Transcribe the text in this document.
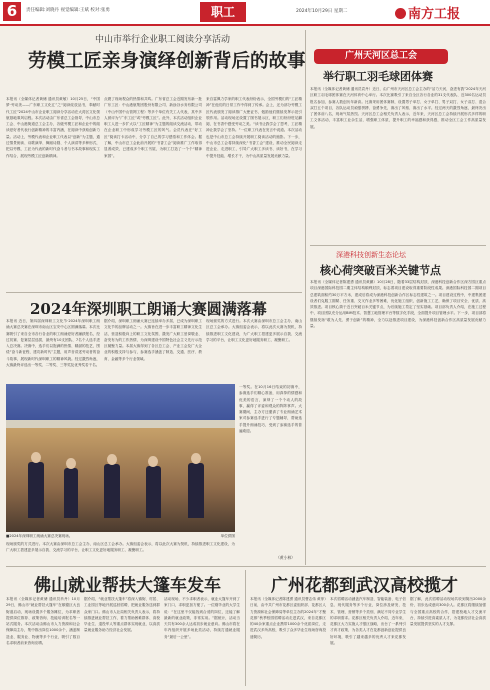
6	责任编辑:刘晓丹 视觉编辑:王斌 校对:张勇	职工	2024年10月29日 星期二	南方工报
中山市举行企业职工阅读分享活动
劳模工匠亲身演绎创新背后的故事
本报讯（全媒体记者黄储 通讯员黄敏）10月25日，“中国梦·劳动美——广东职工文化汇”之“阅读绽放品书，奉献时代工匠”2024中山市企业职工阅读分享活动在大湾区文化领航基地乘风启程。本次活动由广东省总工会指导，中山市总工会、中山港街道总工会主办，各级劳模工匠和企业中的阅读爱好者代表行创新精神的丰富内涵，在阅读中获取创新力量。活动上，劳模代表和企业职工代表以“创新”为主题，通过情景朗读、诗歌演绎、舞蹈诗剧、个人演讲等多种形式，把以劳模、工匠为代表的新时代奋斗者与书本故事和现实工作结合，展现劳模工匠创新精神。
点燃了现场观众的热情和共鸣。广东省总工会近期发布新一批广东工匠：中山港航集团股份有限公司、新涂谷水务有限公司（中山中国中山管网工程）等多个单位有关工人代表，其中多人被评为“广东工匠”或“劳模工匠”。此外，本次活动组织企业职工人进一步扩大以“工匠精神”为主题的阅读交流活动，带动在企业职工中形成学习劳模工匠的风气。会员代表在“好工匠”阅读打卡活动中，分享了自己的学习感悟和工作体会。据了解，中山市总工会此前开展的“书香工会”阅读推广工作取得显著成效，已建成多个职工书屋，为职工打造了一个个“精神家园”。
来自雷佩力学家的职工代表纷纷表示，全国劳模们的“工匠精神”在他们的日常工作中得到了传承。会上，还为部分劳模工匠代表颁发了阅读推广大使证书，勉励他们继续发挥示范引领作用。活动现场还设置了图书展示区，职工们纷纷驻足翻阅，在书香中感受劳动之美。“读书让我学会了思考，工匠精神让我学会了坚持。”一位职工代表在发言中说道。本次活动也是中山市总工会持续开展职工阅读活动的缩影。下一步，中山市总工会将持续深化“书香工会”建设，推动全民阅读走进企业、走进职工，引导广大职工多读书、读好书，在学习中提升技能、增长才干，为中山高质量发展贡献力量。
2024年深圳职工朗诵大赛圆满落幕
本报讯 近日，第四届深圳职工文化节·2024年深圳职工朗诵大赛总决赛在深圳市南山区宝安中心区圆满落幕。本次比赛吸引了来自全市各行各业的职工朗诵爱好者踊跃报名，经过初赛、复赛层层选拔，最终有10支团队、7名个人选手进入总决赛。决赛中，选手们以饱满的热情、精湛的技艺，围绕“奋斗新征程、建功新时代”主题，用声音讲述劳动者的奋斗故事，展现新时代深圳职工的精神风貌。经过激烈角逐，大赛最终评选出一等奖、二等奖、三等奖及优秀奖若干名。
据介绍，深圳职工朗诵大赛已连续举办多届，已成为深圳职工文化节的品牌活动之一。大赛旨在进一步丰富职工精神文化生活，营造积极向上的职工文化氛围，激发广大职工爱岗敬业、奋发有为的工作热情，为深圳建设中国特色社会主义先行示范区凝聚力量。本届大赛得到了各区总工会、产业工会及广大企业的积极支持与参与，参赛选手涵盖了制造、交通、医疗、教育、金融等多个行业领域。
现场颁奖的方式进行。本次大赛由深圳市总工会主办，南山区总工会承办。大赛组委会表示，将以此次大赛为契机，持续推进职工文化建设，为广大职工搭建更多展示自我、交流学习的平台，让职工文化更好地服务职工、凝聚职工。
■2024年深圳职工朗诵大赛总决赛现场。	单位供图
现场颁奖的方式进行。本次大赛由深圳市总工会主办，南山区总工会承办。大赛组委会表示，将以此次大赛为契机，持续推进职工文化建设，为广大职工搭建更多展示自我、交流学习的平台，让职工文化更好地服务职工、凝聚职工。
一等奖。在10月16日结束的初赛中，参赛选手们精心准备，用真挚的情感和优美的语言，演绎了一个个动人的故事，赢得了评委和观众的阵阵掌声。大赛期间，主办方还邀请了专业朗诵艺术家对参赛选手进行了专题辅导，帮助选手提升朗诵技巧，受到了参赛选手的普遍欢迎。
（黄小林）
广州天河区总工会
举行职工羽毛球团体赛
本报讯（全媒体记者黄储 通讯员袁丹）近日，由广州市天河区总工会主办的“活力天河，奋进有我”2024年天河区职工羽毛球团体赛在天河体育中心举行。本次比赛吸引了来自全区各行各业的31支代表队、近300名运动员报名参加，参赛人数创历年新高。比赛采用团体赛制，设置男子单打、女子单打、男子双打、女子双打、混合双打五个项目，各队运动员顽强拼搏、奋勇争先，赛出了风格、赛出了水平。经过两天的激烈角逐，最终决出了团体前八名，现场气氛热烈。天河区总工会相关负责人表示，近年来，天河区总工会持续开展形式多样的职工文体活动，丰富职工业余生活，增强职工体质，提升职工的幸福感和获得感，推动全区工会工作高质量发展。
深港科技创新生态论坛
核心荷突破百米关键节点
本报讯（全媒体记者陈建勇 通讯员黄鹏）10月28日，随着33层结构封顶，深港科技创新合作区深方园区重点项目深港国际科技园二期主体结构顺利封顶，标志着项目建设取得重要阶段性成果。深港国际科技园二期项目总建筑面积约30万平方米，建成后将成为深港科技创新合作区标志性建筑之一。项目建设过程中，中建集团建设者们克服工期紧、任务重、交叉作业多等困难，优化施工组织，创新施工工艺，确保了项目安全、优质、高效推进。项目核心筒于近日突破百米关键节点，为后续施工奠定了坚实基础。项目部负责人介绍，在施工过程中，项目团队充分运用BIM技术、智慧工地管理平台等数字化手段，全面提升项目管理水平。下一步，项目部将继续发扬“敢为人先、勇于创新”的精神，全力以赴推进项目建设，为深港科技创新合作区高质量发展贡献力量。
佛山就业帮扶大篷车发车
本报讯（全媒体记者黄储 通讯员肖丹）10月29日，佛山市“就业帮扶大篷车”在顺德区大良街道启动，现场设置多个服务摊位，为求职者提供岗位推荐、政策咨询、技能培训报名等一站式服务。本次活动由佛山市人力资源和社会保障局主办，集中推出岗位1000余个，涵盖制造业、服务业、物流等多个行业，吸引了数百名求职者前来咨询应聘。
据介绍，“就业帮扶大篷车”将深入镇街、村居、工业园区等地开展巡回招聘，把就业服务送到群众家门口。佛山市人社局相关负责人表示，将持续推进就业帮扶工作，着力帮助困难群体、高校毕业生、退役军人等重点群体实现就业，以高质量就业服务助力经济社会发展。
活动现场，不少求职者表示，就业大篷车开到了家门口，求职更加方便了。一位刚毕业的大学生说：“在这里不仅能找到合适的岗位，还能了解最新的就业政策，非常实用。”据统计，活动当天共有300余人达成初步就业意向。佛山市将在年内组织开展多场此类活动，持续打通就业服务“最后一公里”。
广州花都到武汉高校揽才
本报讯（全媒体记者陈建勇 通讯员曹志伟 黄菲）日前，由中共广州市花都区委组织部、花都区人力资源和社会保障局等单位主办的2024年“才聚花都”秋季校园招聘活动走进武汉，来自花都区的40余家重点企业携带1000余个优质岗位，走进武汉多所高校，吸引了众多毕业生现场咨询投递简历。
本次招聘活动涵盖汽车制造、智能装备、电子信息、现代服务等多个行业，岗位涉及研发、技术、管理、营销等多个类别，满足不同专业学生的求职需求。花都区相关负责人介绍，近年来，花都区大力实施人才强区战略，出台了一系列引才育才政策，为各类人才在花都创新创业提供良好环境，吸引了越来越多的优秀人才来花都发展。
据了解，此次招聘活动现场共收到简历2000余份，初步达成意向300余人。花都区将继续加强与全国重点高校的合作，搭建校地人才交流平台，持续引进高素质人才，为花都经济社会高质量发展提供坚实的人才支撑。
